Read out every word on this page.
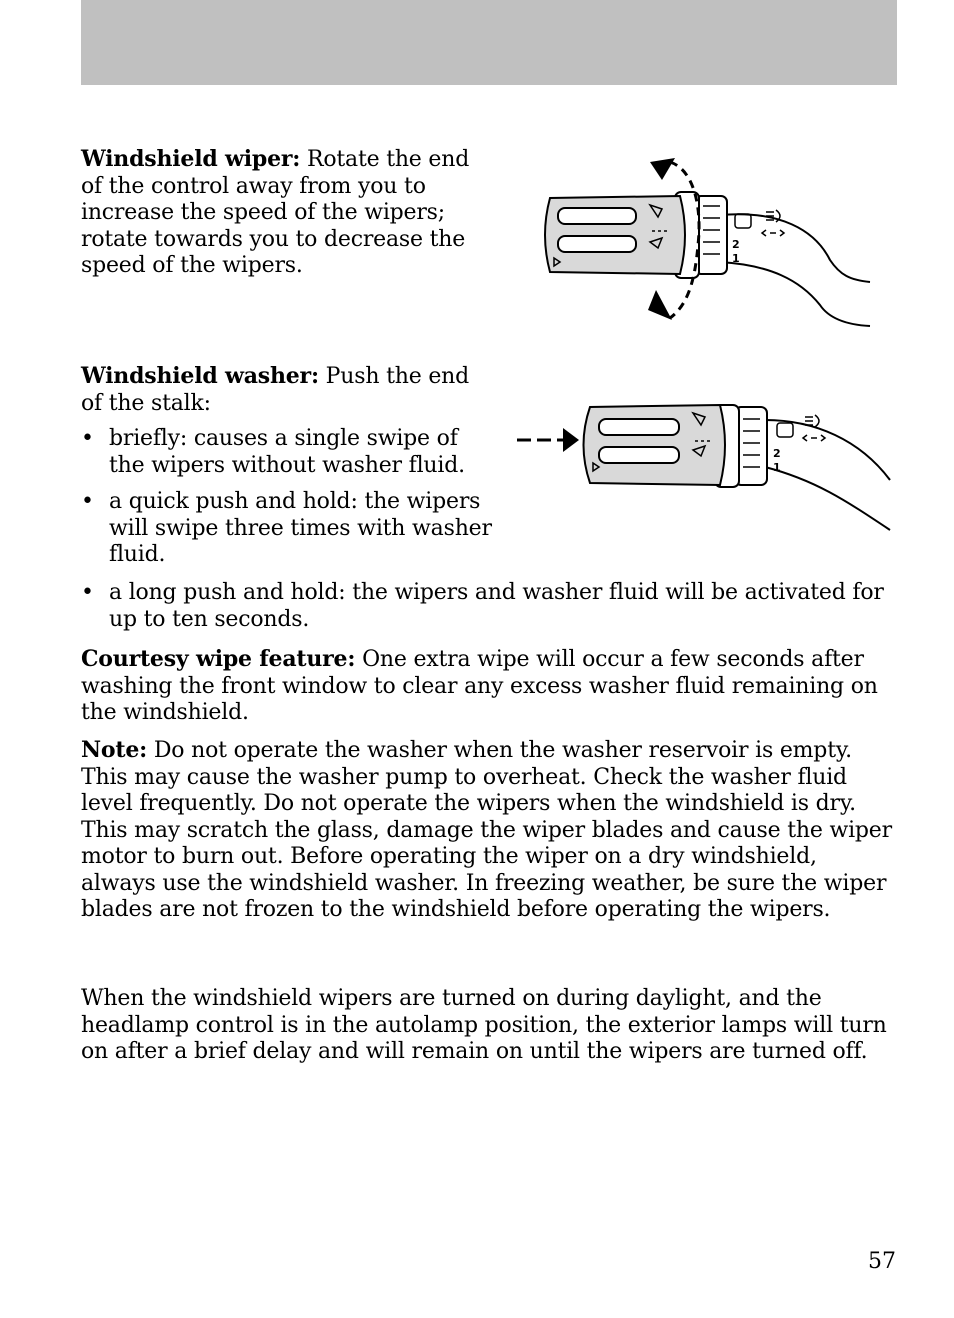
Windshield wiper: Rotate the end of the control away from you to increase the speed of the wipers; rotate towards you to decrease the speed of the wipers.

2
1

Windshield washer: Push the end of the stalk:

• briefly: causes a single swipe of the wipers without washer fluid.
• a quick push and hold: the wipers will swipe three times with washer fluid.
• a long push and hold: the wipers and washer fluid will be activated for up to ten seconds.
2
1

Courtesy wipe feature: One extra wipe will occur a few seconds after washing the front window to clear any excess washer fluid remaining on the windshield.

Note: Do not operate the washer when the washer reservoir is empty. This may cause the washer pump to overheat. Check the washer fluid level frequently. Do not operate the wipers when the windshield is dry. This may scratch the glass, damage the wiper blades and cause the wiper motor to burn out. Before operating the wiper on a dry windshield, always use the windshield washer. In freezing weather, be sure the wiper blades are not frozen to the windshield before operating the wipers.

When the windshield wipers are turned on during daylight, and the headlamp control is in the autolamp position, the exterior lamps will turn on after a brief delay and will remain on until the wipers are turned off.

57
